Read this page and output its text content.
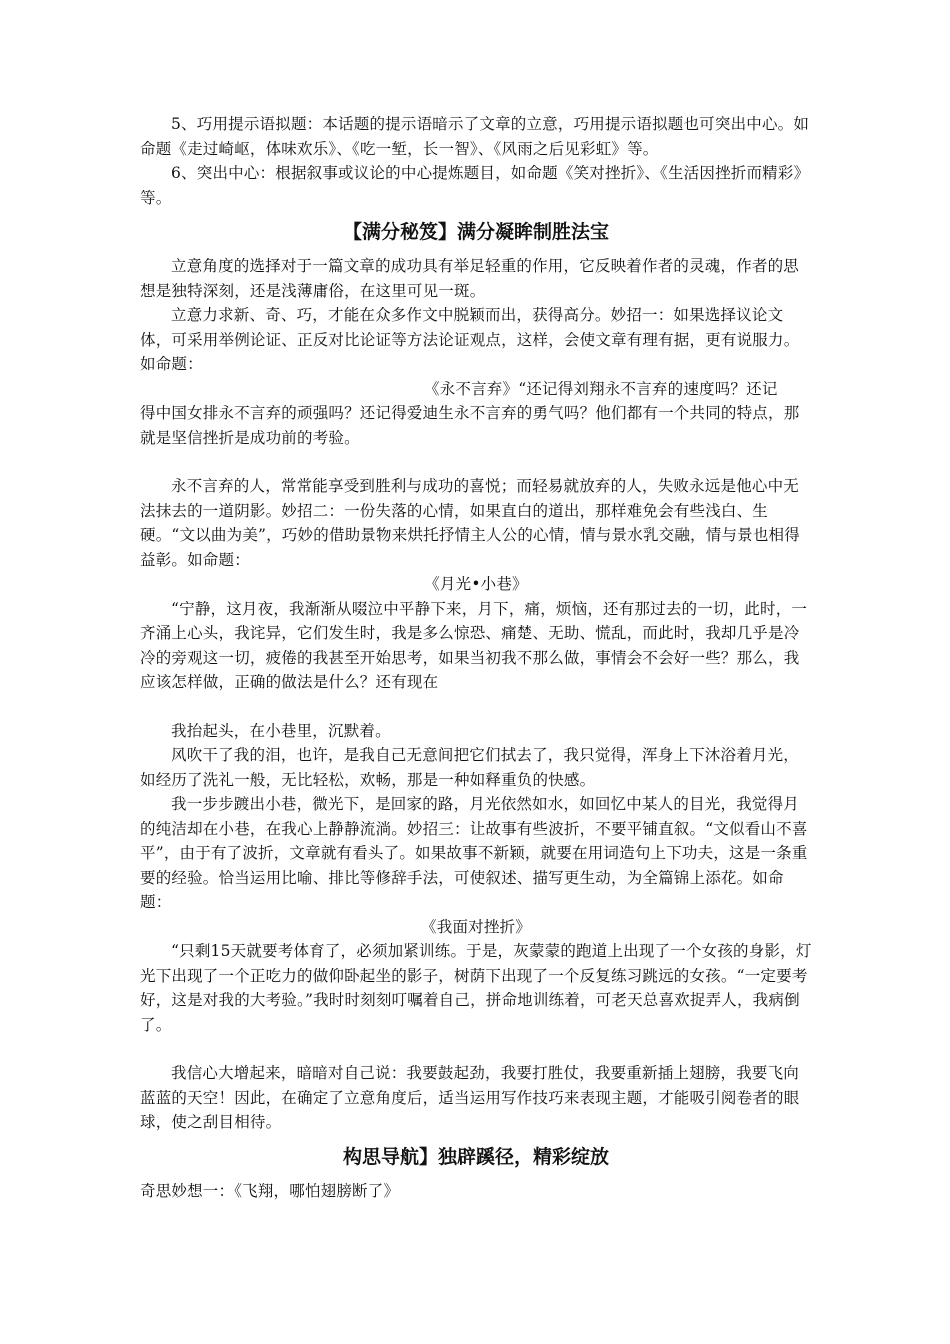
5、巧用提示语拟题：本话题的提示语暗示了文章的立意，巧用提示语拟题也可突出中心。如命题《走过崎岖，体味欢乐》、《吃一堑，长一智》、《风雨之后见彩虹》等。

6、突出中心：根据叙事或议论的中心提炼题目，如命题《笑对挫折》、《生活因挫折而精彩》等。

【满分秘笈】满分凝眸制胜法宝

立意角度的选择对于一篇文章的成功具有举足轻重的作用，它反映着作者的灵魂，作者的思想是独特深刻，还是浅薄庸俗，在这里可见一斑。

立意力求新、奇、巧，才能在众多作文中脱颖而出，获得高分。妙招一：如果选择议论文体，可采用举例论证、正反对比论证等方法论证观点，这样，会使文章有理有据，更有说服力。如命题：

《永不言弃》“还记得刘翔永不言弃的速度吗？还记

得中国女排永不言弃的顽强吗？还记得爱迪生永不言弃的勇气吗？他们都有一个共同的特点，那就是坚信挫折是成功前的考验。

永不言弃的人，常常能享受到胜利与成功的喜悦；而轻易就放弃的人，失败永远是他心中无法抹去的一道阴影。妙招二：一份失落的心情，如果直白的道出，那样难免会有些浅白、生硬。“文以曲为美”，巧妙的借助景物来烘托抒情主人公的心情，情与景水乳交融，情与景也相得益彰。如命题：

《月光•小巷》

“宁静，这月夜，我渐渐从啜泣中平静下来，月下，痛，烦恼，还有那过去的一切，此时，一齐涌上心头，我诧异，它们发生时，我是多么惊恐、痛楚、无助、慌乱，而此时，我却几乎是冷冷的旁观这一切，疲倦的我甚至开始思考，如果当初我不那么做，事情会不会好一些？那么，我应该怎样做，正确的做法是什么？还有现在

我抬起头，在小巷里，沉默着。

风吹干了我的泪，也许，是我自己无意间把它们拭去了，我只觉得，浑身上下沐浴着月光，如经历了洗礼一般，无比轻松，欢畅，那是一种如释重负的快感。

我一步步踱出小巷，微光下，是回家的路，月光依然如水，如回忆中某人的目光，我觉得月的纯洁却在小巷，在我心上静静流淌。妙招三：让故事有些波折，不要平铺直叙。“文似看山不喜平”，由于有了波折，文章就有看头了。如果故事不新颖，就要在用词造句上下功夫，这是一条重要的经验。恰当运用比喻、排比等修辞手法，可使叙述、描写更生动，为全篇锦上添花。如命题：

《我面对挫折》

“只剩15天就要考体育了，必须加紧训练。于是，灰蒙蒙的跑道上出现了一个女孩的身影，灯光下出现了一个正吃力的做仰卧起坐的影子，树荫下出现了一个反复练习跳远的女孩。“一定要考好，这是对我的大考验。”我时时刻刻叮嘱着自己，拼命地训练着，可老天总喜欢捉弄人，我病倒了。

我信心大增起来，暗暗对自己说：我要鼓起劲，我要打胜仗，我要重新插上翅膀，我要飞向蓝蓝的天空！因此，在确定了立意角度后，适当运用写作技巧来表现主题，才能吸引阅卷者的眼球，使之刮目相待。

构思导航】独辟蹊径，精彩绽放

奇思妙想一：《飞翔，哪怕翅膀断了》
